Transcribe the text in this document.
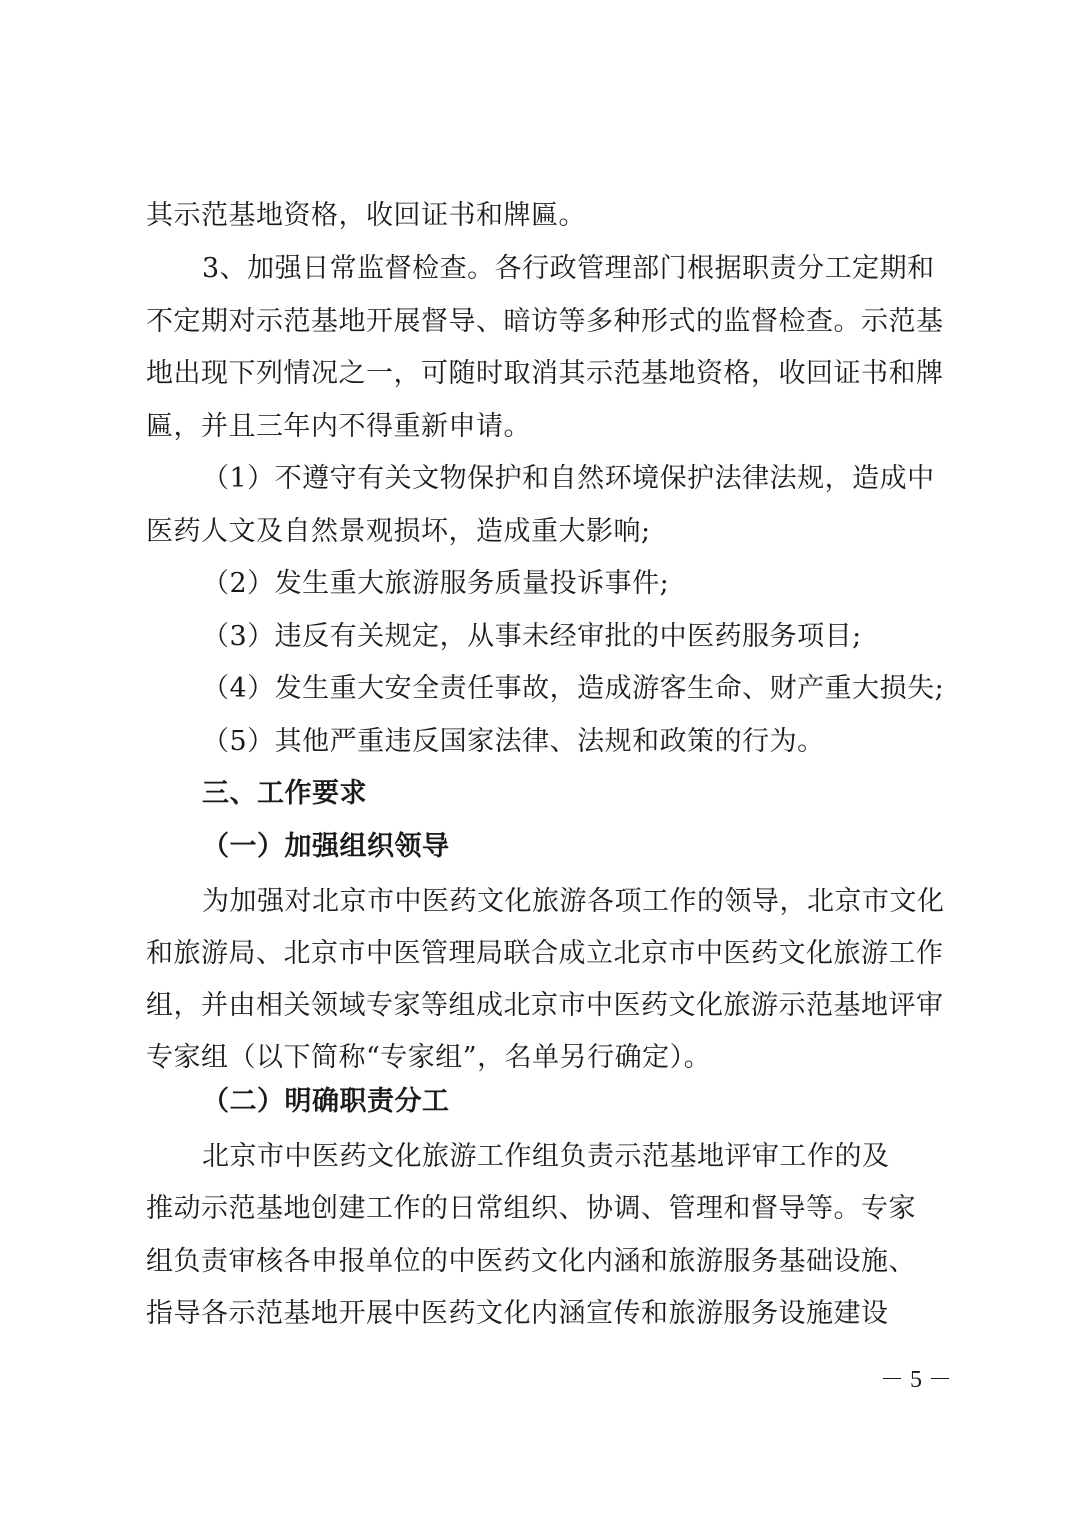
其示范基地资格，收回证书和牌匾。
3、加强日常监督检查。各行政管理部门根据职责分工定期和
不定期对示范基地开展督导、暗访等多种形式的监督检查。示范基
地出现下列情况之一，可随时取消其示范基地资格，收回证书和牌
匾，并且三年内不得重新申请。
（1）不遵守有关文物保护和自然环境保护法律法规，造成中
医药人文及自然景观损坏，造成重大影响;
（2）发生重大旅游服务质量投诉事件;
（3）违反有关规定，从事未经审批的中医药服务项目;
（4）发生重大安全责任事故，造成游客生命、财产重大损失;
（5）其他严重违反国家法律、法规和政策的行为。
三、工作要求
（一）加强组织领导
为加强对北京市中医药文化旅游各项工作的领导，北京市文化
和旅游局、北京市中医管理局联合成立北京市中医药文化旅游工作
组，并由相关领域专家等组成北京市中医药文化旅游示范基地评审
专家组（以下简称“专家组”，名单另行确定）。
（二）明确职责分工
北京市中医药文化旅游工作组负责示范基地评审工作的及
推动示范基地创建工作的日常组织、协调、管理和督导等。专家
组负责审核各申报单位的中医药文化内涵和旅游服务基础设施、
指导各示范基地开展中医药文化内涵宣传和旅游服务设施建设
－ 5 －
